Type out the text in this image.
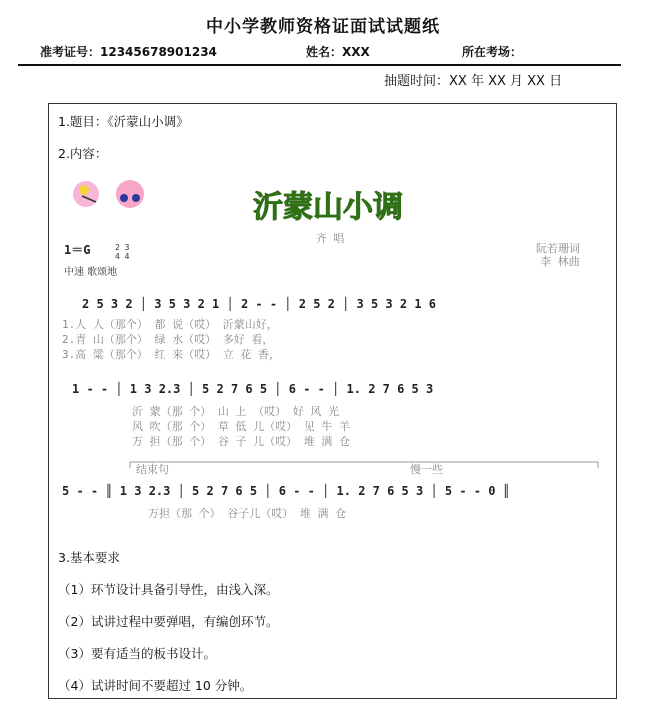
中小学教师资格证面试试题纸
准考证号：12345678901234	姓名：XXX	所在考场：
抽题时间：XX 年 XX 月 XX 日
1.题目：《沂蒙山小调》
2.内容：
沂蒙山小调
齐 唱
1＝G	2 3
4 4
中速 歌颂地
阮若珊词
李 林曲
2 5 3 2 │ 3 5 3 2 1 │ 2 - - │ 2 5 2 │ 3 5 3 2 1 6
1.人 人（那个） 都 说（哎） 沂蒙山好，
2.青 山（那个） 绿 水（哎） 多好 看，
3.高 粱（那个） 红 来（哎） 立 花 香，
1 - - │ 1 3 2.3 │ 5 2 7 6 5 │ 6 - - │ 1. 2 7 6 5 3
沂 蒙（那 个） 山 上 （哎） 好 风 光
风 吹（那 个） 草 低 儿（哎） 见 牛 羊
万 担（那 个） 谷 子 儿（哎） 堆 满 仓
结束句	慢一些
5 - - ║ 1 3 2.3 │ 5 2 7 6 5 │ 6 - - │ 1. 2 7 6 5 3 │ 5 - - 0 ║
万担（那 个） 谷子儿（哎） 堆 满 仓
3.基本要求
（1）环节设计具备引导性，由浅入深。
（2）试讲过程中要弹唱，有编创环节。
（3）要有适当的板书设计。
（4）试讲时间不要超过 10 分钟。
